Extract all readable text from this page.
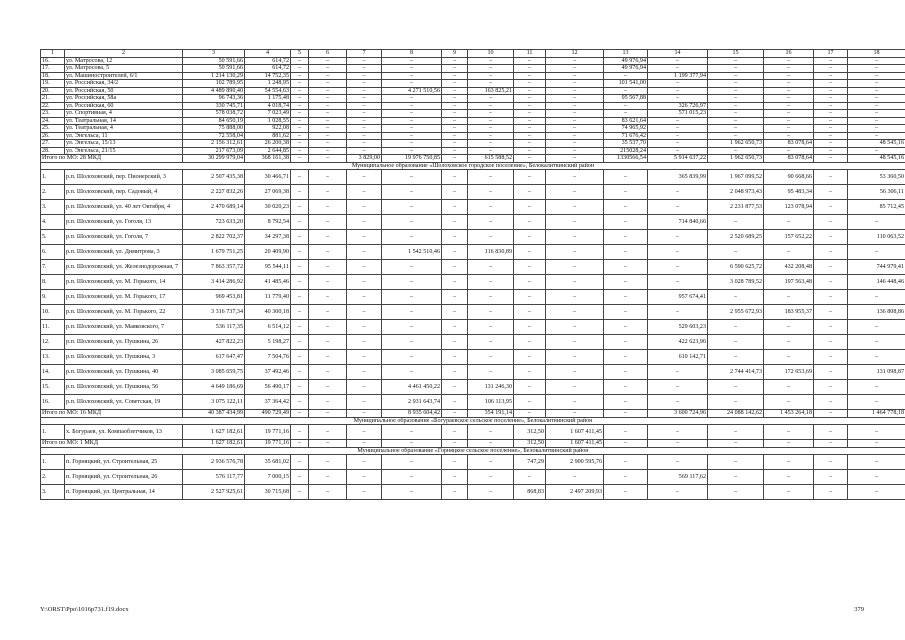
1	2	3	4	5	6	7	8	9	10	11	12	13	14	15	16	17	18
16.	ул. Матросова, 12	50 591,66	614,72	–	–	–	–	–	–	–	–	49 976,94	–	–	–	–	–
17.	ул. Матросова, 5	50 591,66	614,72	–	–	–	–	–	–	–	–	49 976,94	–	–	–	–	–
18.	ул. Машиностроителей, 6/1	1 214 130,29	14 752,35	–	–	–	–	–	–	–	–	–	1 199 377,94	–	–	–	–
19.	ул. Российская, 34/2	102 789,95	1 248,95	–	–	–	–	–	–	–	–	101 541,00	–	–	–	–	–
20.	ул. Российская, 50	4 489 890,40	54 554,63	–	–	–	4 271 510,56	–	163 825,21	–	–	–	–	–	–	–	–
21.	ул. Российская, 58а	96 743,36	1 175,48	–	–	–	–	–	–	–	–	95 567,88	–	–	–	–	–
22.	ул. Российская, 60	330 745,71	4 018,74	–	–	–	–	–	–	–	–	–	326 726,97	–	–	–	–
23.	ул. Спортивная, 4	578 038,72	7 023,49	–	–	–	–	–	–	–	–	–	571 015,23	–	–	–	–
24.	ул. Театральная, 14	84 650,19	1 028,55	–	–	–	–	–	–	–	–	83 621,64	–	–	–	–	–
25.	ул. Театральная, 4	75 888,00	922,08	–	–	–	–	–	–	–	–	74 965,92	–	–	–	–	–
26.	ул. Энгельса, 11	72 558,04	881,62	–	–	–	–	–	–	–	–	71 676,42	–	–	–	–	–
27.	ул. Энгельса, 15/13	2 156 312,61	26 200,38	–	–	–	–	–	–	–	–	35 537,70	–	1 962 650,73	83 078,64	–	48 545,16
28.	ул. Энгельса, 21/15	217 673,09	2 644,85	–	–	–	–	–	–	–	–	215028,24	–	–	–	–	–
Итого по МО: 28 МКД		30 299 979,04	368 161,38	–	–	3 829,00	19 976 750,85	–	615 588,52	–	–	1330566,54	5 914 637,22	1 962 650,73	83 078,64	–	48 545,16
Муниципальное образование «Шолоховское городское поселение», Белокалитвинский район																	
1.	р.п. Шолоховский, пер. Пионерский, 3	2 507 435,38	30 466,71	–	–	–	–	–	–	–	–	–	365 839,99	1 967 099,52	90 668,66	–	53 360,50
2.	р.п. Шолоховский, пер. Садовый, 4	2 227 832,26	27 069,38	–	–	–	–	–	–	–	–	–	–	2 048 973,43	95 483,34	–	56 306,11
3.	р.п. Шолоховский, ул. 40 лет Октября, 4	2 470 689,14	30 020,23	–	–	–	–	–	–	–	–	–	–	2 231 877,53	123 078,94	–	85 712,45
4.	р.п. Шолоховский, ул. Гоголя, 13	723 633,20	8 792,54	–	–	–	–	–	–	–	–	–	714 840,66	–	–	–	–
5.	р.п. Шолоховский, ул. Гоголя, 7	2 822 702,37	34 297,38	–	–	–	–	–	–	–	–	–	–	2 520 689,25	157 652,22	–	110 063,52
6.	р.п. Шолоховский, ул. Димитрова, 3	1 679 751,25	20 409,90	–	–	–	1 542 510,46	–	116 830,89	–	–	–	–	–	–	–	–
7.	р.п. Шолоховский, ул. Железнодорожная, 7	7 863 357,72	95 544,11	–	–	–	–	–	–	–	–	–	–	6 590 625,72	432 208,48	–	744 979,41
8.	р.п. Шолоховский, ул. М. Горького, 14	3 414 286,92	41 485,46	–	–	–	–	–	–	–	–	–	–	3 028 789,52	197 563,48	–	146 448,46
9.	р.п. Шолоховский, ул. М. Горького, 17	969 453,81	11 779,40	–	–	–	–	–	–	–	–	–	957 674,41	–	–	–	–
10.	р.п. Шолоховский, ул. М. Горького, 22	3 316 737,34	40 300,18	–	–	–	–	–	–	–	–	–	–	2 955 672,93	183 955,37	–	136 808,86
11.	р.п. Шолоховский, ул. Маяковского, 7	536 117,35	6 514,12	–	–	–	–	–	–	–	–	–	529 603,23	–	–	–	–
12.	р.п. Шолоховский, ул. Пушкина, 26	427 822,23	5 198,27	–	–	–	–	–	–	–	–	–	422 623,96	–	–	–	–
13.	р.п. Шолоховский, ул. Пушкина, 3	617 647,47	7 504,76	–	–	–	–	–	–	–	–	–	610 142,71	–	–	–	–
14.	р.п. Шолоховский, ул. Пушкина, 40	3 085 659,75	37 492,46	–	–	–	–	–	–	–	–	–	–	2 744 414,73	172 653,69	–	131 098,87
15.	р.п. Шолоховский, ул. Пушкина, 56	4 649 186,69	56 490,17	–	–	–	4 461 450,22	–	131 246,30	–	–	–	–	–	–	–	–
16.	р.п. Шолоховский, ул. Советская, 19	3 075 122,11	37 364,42	–	–	–	2 931 643,74	–	106 113,95	–	–	–	–	–	–	–	–
Итого по МО: 16 МКД		40 387 434,99	490 729,49	–	–	–	8 935 604,42	–	354 191,14	–	–	–	3 600 724,96	24 088 142,62	1 453 264,18	–	1 464 778,18
Муниципальное образование «Богураевское сельское поселение», Белокалитвинский район																	
1.	х. Богураев, ул. Компаобзетчиков, 13	1 627 182,61	19 771,16	–	–	–	–	–	–	312,50	1 607 411,45	–	–	–	–	–	–
Итого по МО: 1 МКД		1 627 182,61	19 771,16	–	–	–	–	–	–	312,50	1 607 411,45	–	–	–	–	–	–
Муниципальное образование «Горняцкое сельское поселение», Белокалитвинский район																	
1.	п. Горняцкий, ул. Строительная, 25	2 936 576,78	35 681,02	–	–	–	–	–	–	747,29	2 900 595,76	–	–	–	–	–	–
2.	п. Горняцкий, ул. Строительная, 26	576 117,77	7 000,15	–	–	–	–	–	–	–	–	–	569 117,62	–	–	–	–
3.	п. Горняцкий, ул. Центральная, 14	2 527 925,61	30 715,68	–	–	–	–	–	–	868,83	2 497 209,93	–	–	–	–	–	–
Y:\ORST\Ppo\1016p731.f19.docx	379
